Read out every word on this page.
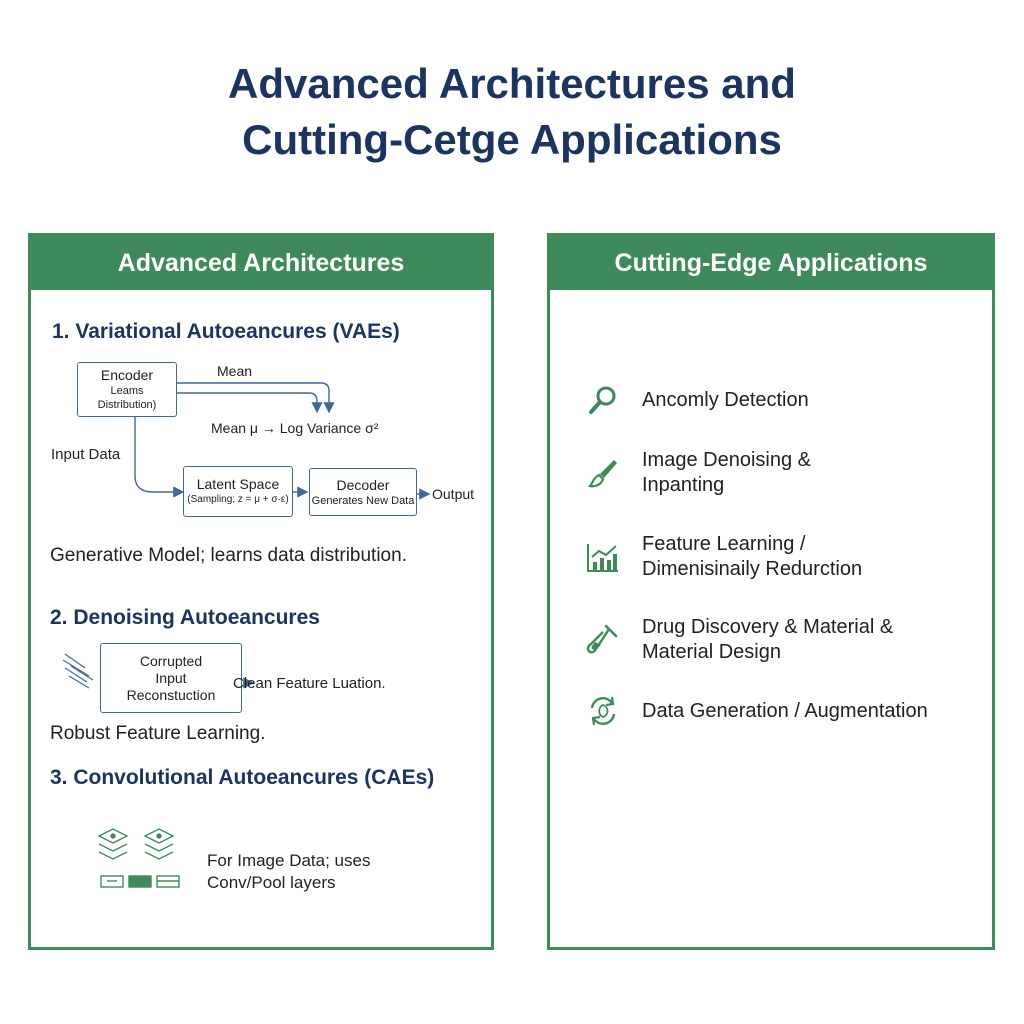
Advanced Architectures and
Cutting-Cetge Applications
Advanced Architectures
1. Variational Autoeancures (VAEs)
Encoder
Leams
Distribution)
Mean
Mean μ → Log Variance σ²
Input Data
Latent Space
(Sampling; z = μ + σ·ε)
Decoder
Generates New Data Output
Generative Model; learns data distribution.
2. Denoising Autoeancures
Corrupted
Input
Reconstuction
Clean Feature Luation.
Robust Feature Learning.
3. Convolutional Autoeancures (CAEs)
For Image Data; uses
Conv/Pool layers
Cutting-Edge Applications
Ancomly Detection
Image Denoising &
Inpanting
Feature Learning /
Dimenisinaily Redurction
Drug Discovery & Material &
Material Design
Data Generation / Augmentation
